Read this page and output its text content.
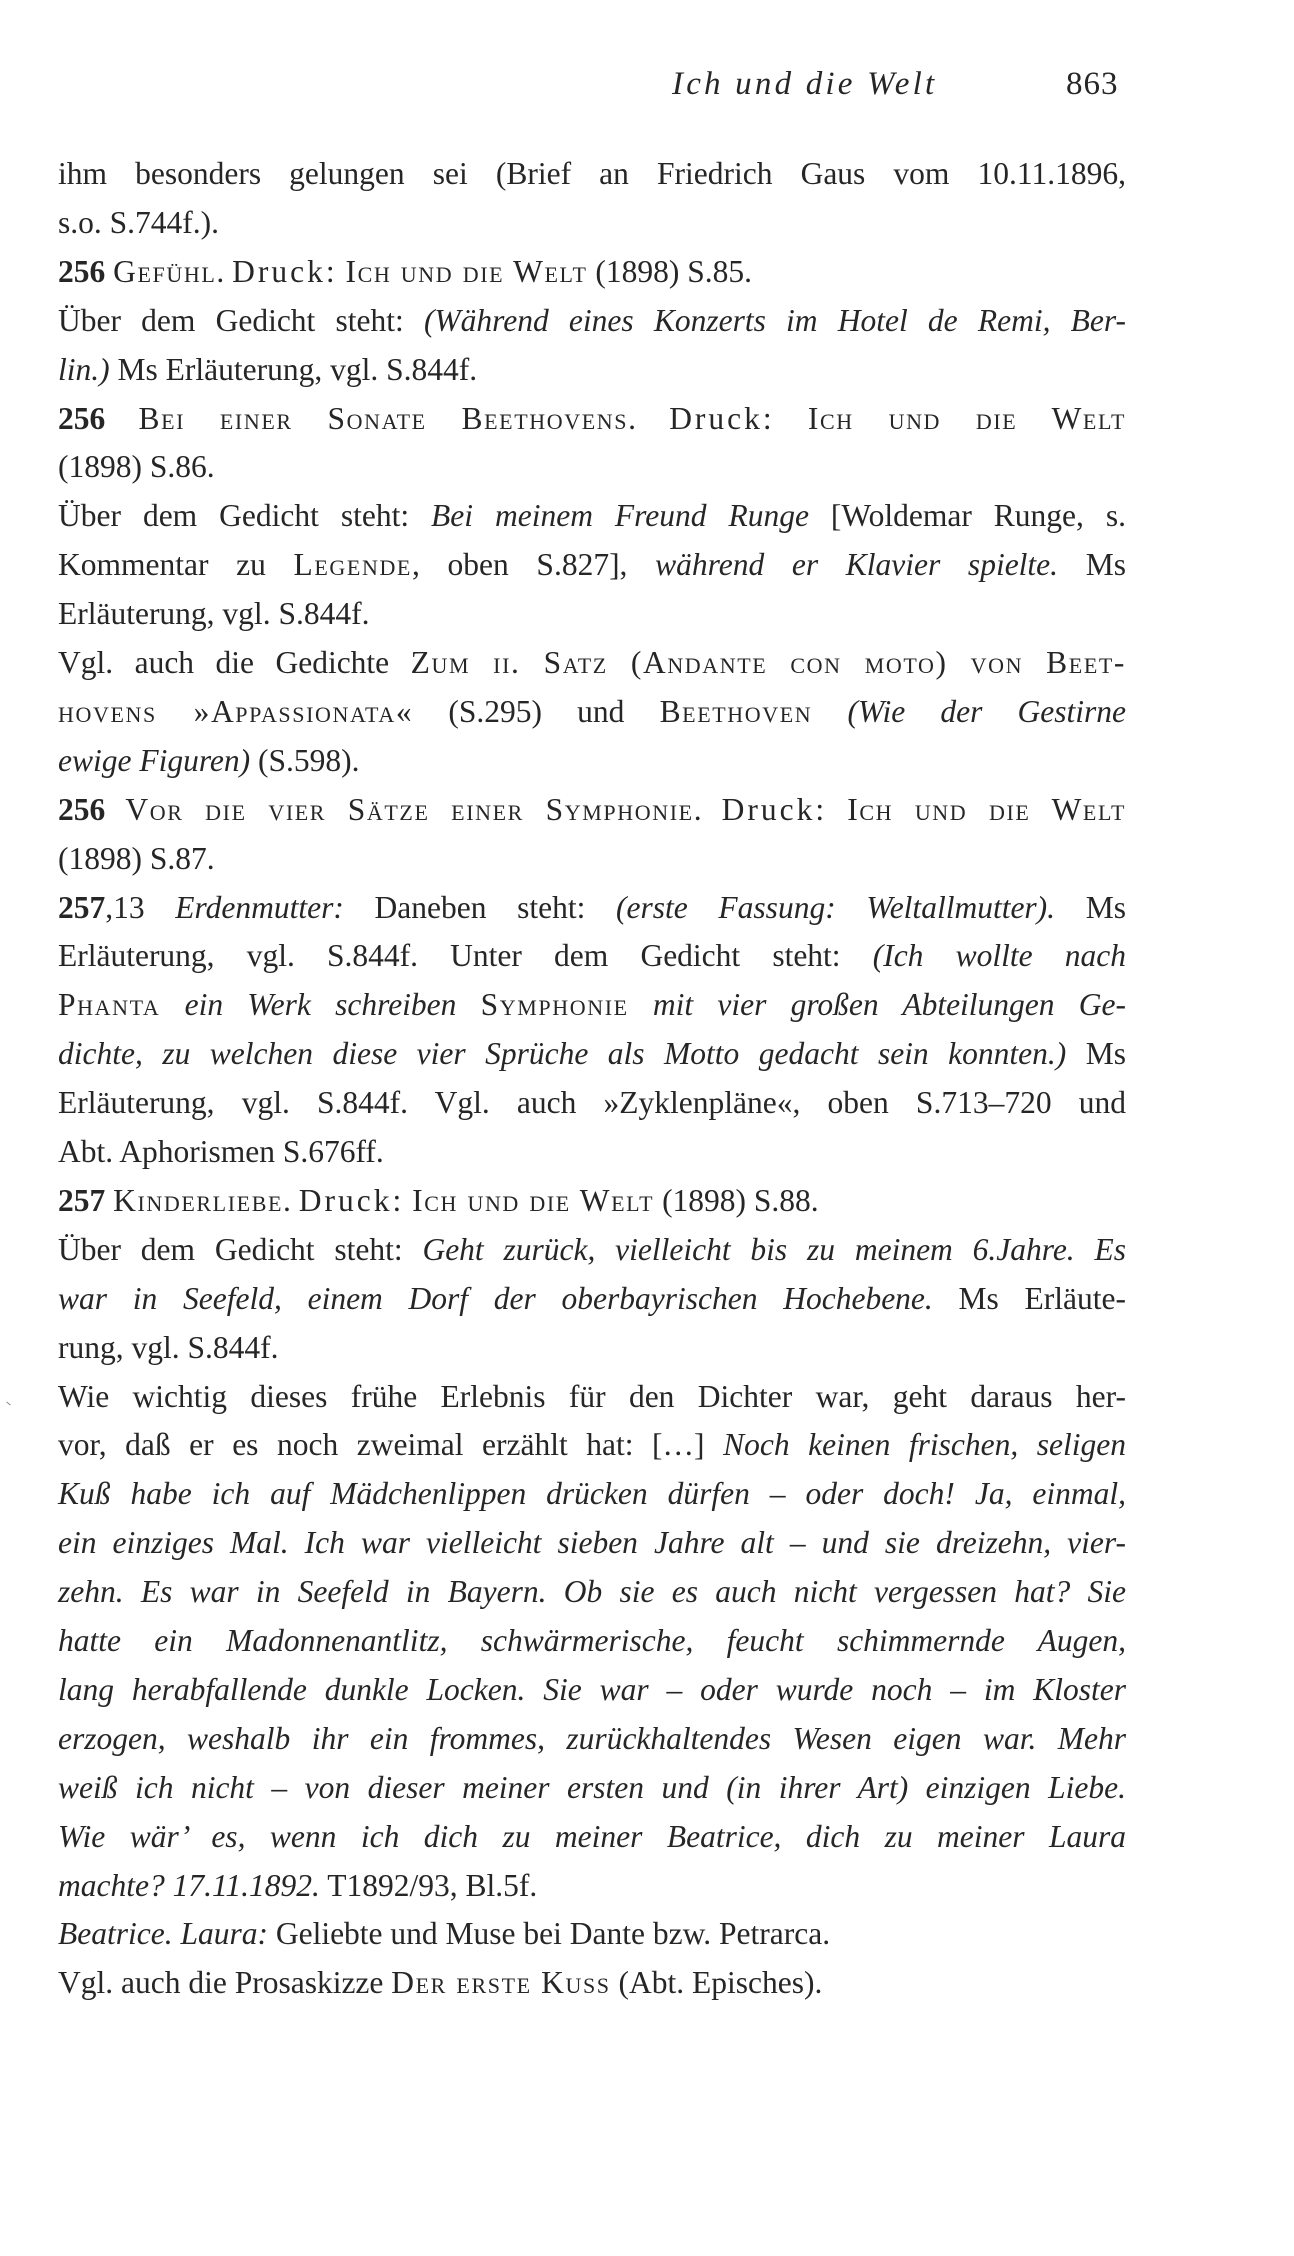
Ich und die Welt	863
ihm besonders gelungen sei (Brief an Friedrich Gaus vom 10.11.1896,
s.o. S.744f.).
256 Gefühl. Druck: Ich und die Welt (1898) S.85.
Über dem Gedicht steht: (Während eines Konzerts im Hotel de Remi, Ber-
lin.) Ms Erläuterung, vgl. S.844f.
256 Bei einer Sonate Beethovens. Druck: Ich und die Welt
(1898) S.86.
Über dem Gedicht steht: Bei meinem Freund Runge [Woldemar Runge, s.
Kommentar zu Legende, oben S.827], während er Klavier spielte. Ms
Erläuterung, vgl. S.844f.
Vgl. auch die Gedichte Zum ii. Satz (Andante con moto) von Beet-
hovens »Appassionata« (S.295) und Beethoven (Wie der Gestirne
ewige Figuren) (S.598).
256 Vor die vier Sätze einer Symphonie. Druck: Ich und die Welt
(1898) S.87.
257,13 Erdenmutter: Daneben steht: (erste Fassung: Weltallmutter). Ms
Erläuterung, vgl. S.844f. Unter dem Gedicht steht: (Ich wollte nach
Phanta ein Werk schreiben Symphonie mit vier großen Abteilungen Ge-
dichte, zu welchen diese vier Sprüche als Motto gedacht sein konnten.) Ms
Erläuterung, vgl. S.844f. Vgl. auch »Zyklenpläne«, oben S.713–720 und
Abt. Aphorismen S.676ff.
257 Kinderliebe. Druck: Ich und die Welt (1898) S.88.
Über dem Gedicht steht: Geht zurück, vielleicht bis zu meinem 6.Jahre. Es
war in Seefeld, einem Dorf der oberbayrischen Hochebene. Ms Erläute-
rung, vgl. S.844f.
Wie wichtig dieses frühe Erlebnis für den Dichter war, geht daraus her-
vor, daß er es noch zweimal erzählt hat: […] Noch keinen frischen, seligen
Kuß habe ich auf Mädchenlippen drücken dürfen – oder doch! Ja, einmal,
ein einziges Mal. Ich war vielleicht sieben Jahre alt – und sie dreizehn, vier-
zehn. Es war in Seefeld in Bayern. Ob sie es auch nicht vergessen hat? Sie
hatte ein Madonnenantlitz, schwärmerische, feucht schimmernde Augen,
lang herabfallende dunkle Locken. Sie war – oder wurde noch – im Kloster
erzogen, weshalb ihr ein frommes, zurückhaltendes Wesen eigen war. Mehr
weiß ich nicht – von dieser meiner ersten und (in ihrer Art) einzigen Liebe.
Wie wär’ es, wenn ich dich zu meiner Beatrice, dich zu meiner Laura
machte? 17.11.1892. T1892/93, Bl.5f.
Beatrice. Laura: Geliebte und Muse bei Dante bzw. Petrarca.
Vgl. auch die Prosaskizze Der erste Kuss (Abt. Episches).
